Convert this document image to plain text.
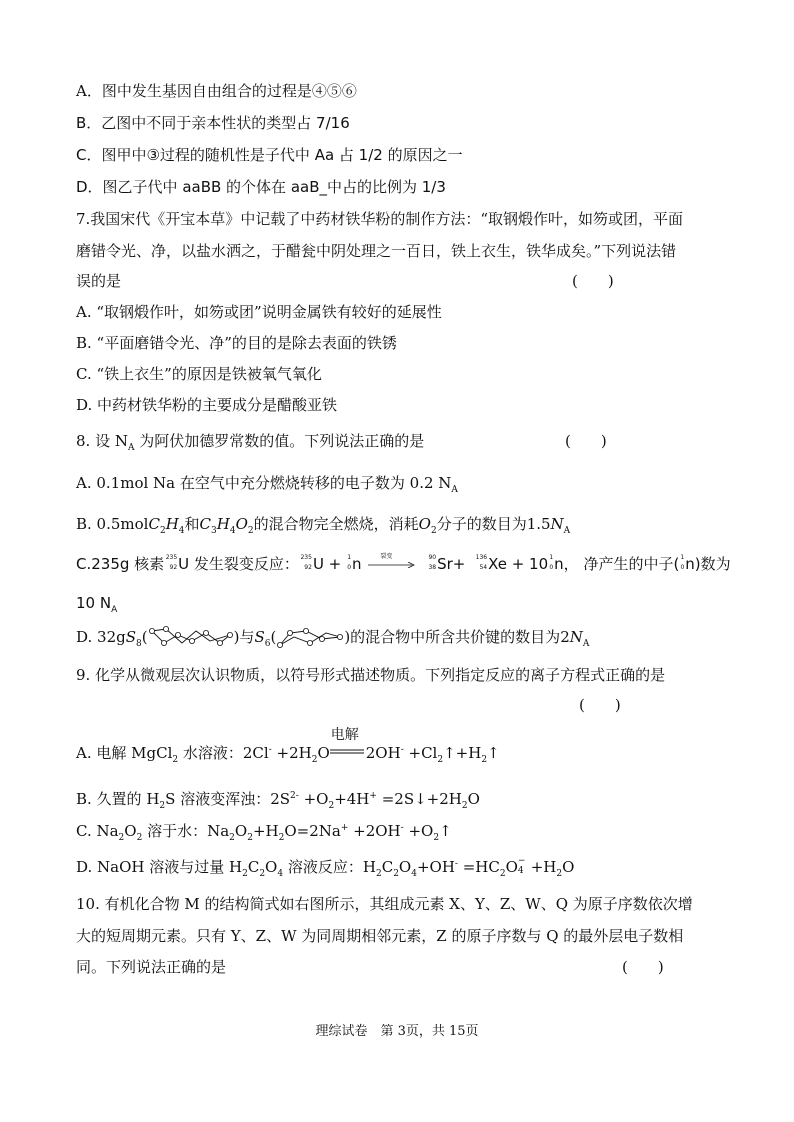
A．图中发生基因自由组合的过程是④⑤⑥
B．乙图中不同于亲本性状的类型占 7/16
C．图甲中③过程的随机性是子代中 Aa 占 1/2 的原因之一
D．图乙子代中 aaBB 的个体在 aaB_中占的比例为 1/3
7.我国宋代《开宝本草》中记载了中药材铁华粉的制作方法：“取钢煅作叶，如笏或团，平面
磨错令光、净，以盐水洒之，于醋瓮中阴处理之一百日，铁上衣生，铁华成矣。”下列说法错
误的是	(　　)
A. “取钢煅作叶，如笏或团”说明金属铁有较好的延展性
B. “平面磨错令光、净”的目的是除去表面的铁锈
C. “铁上衣生”的原因是铁被氧气氧化
D. 中药材铁华粉的主要成分是醋酸亚铁
8. 设 $N_A$ 为阿伏加德罗常数的值。下列说法正确的是	(　　)
A. 0.1mol Na 在空气中充分燃烧转移的电子数为 0.2 $N_A$
B. $0.5molC_2H_4$和$C_3H_4O_2$的混合物完全燃烧，消耗$O_2$分子的数目为$1.5N_A$
C.235g 核素 235
92 U 发生裂变反应： 235
92 U + 1
0 n 裂变
	90
38 Sr+ 136
54 Xe + 10 1
0 n， 净产生的中子( 1
0 n)数为
10 $N_A$
D. $32gS_8$(	)与$S_6$(	)的混合物中所含共价键的数目为$2N_A$
9. 化学从微观层次认识物质，以符号形式描述物质。下列指定反应的离子方程式正确的是
(　　)
A. 电解 MgCl$_2$ 水溶液：$2Cl^- +2H_2O$
电解
$2OH^- +Cl_2↑+H_2↑$
B. 久置的 $H_2S$ 溶液变浑浊：$2S^{2-} +O_2+4H^+$ $=2S↓+2H_2O$
C. $Na_2O_2$ 溶于水：$Na_2O_2+H_2O=2Na^+ +2OH^-$ $+O_2↑$
D. NaOH 溶液与过量 $H_2C_2O_4$ 溶液反应：$H_2C_2O_4+OH^- =HC_2O$ −
$4 +H_2O$
10. 有机化合物 M 的结构简式如右图所示，其组成元素 X、Y、Z、W、Q 为原子序数依次增
大的短周期元素。只有 Y、Z、W 为同周期相邻元素，Z 的原子序数与 Q 的最外层电子数相
同。下列说法正确的是	(　　)
理综试卷　第 3页，共 15页
